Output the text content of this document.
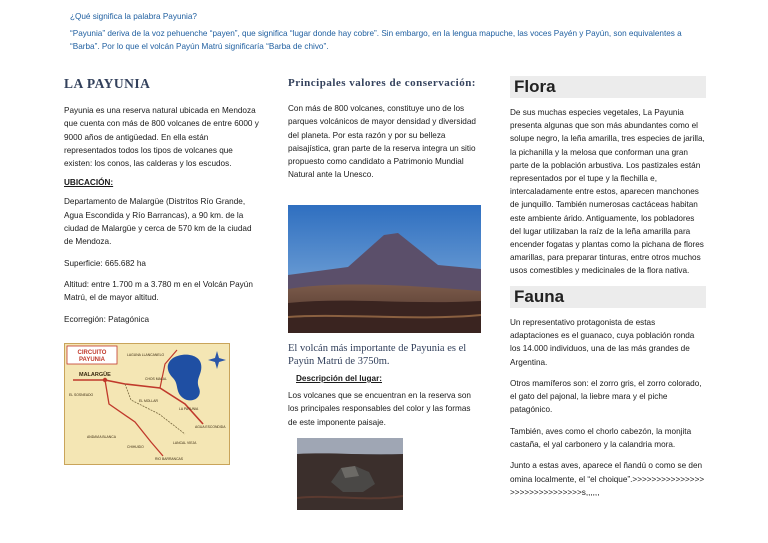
¿Qué significa la palabra Payunia?

“Payunia” deriva de la voz pehuenche “payen”, que significa “lugar donde hay cobre”. Sin embargo, en la lengua mapuche, las voces Payén y Payún, son equivalentes a “Barba”. Por lo que el volcán Payún Matrú significaría “Barba de chivo”.

LA PAYUNIA

Payunia es una reserva natural ubicada en Mendoza que cuenta con más de 800 volcanes de entre 6000 y 9000 años de antigüedad. En ella están representados todos los tipos de volcanes que existen: los conos, las calderas y los escudos.

UBICACIÓN:

Departamento de Malargüe (Distritos Río Grande, Agua Escondida y Río Barrancas), a 90 km. de la ciudad de Malargüe y cerca de 570 km de la ciudad de Mendoza.

Superficie: 665.682 ha

Altitud: entre 1.700 m a 3.780 m en el Volcán Payún Matrú, el de mayor altitud.

Ecorregión: Patagónica

CIRCUITO
PAYUNIA
MALARGÜE
EL SOSNEADO
LAGUNA LLANCANELO
CHOS MALAL
EL MOLLAR
LA PAYUNIA
AGUA ESCONDIDA
ANDAVIA BLANCA
LANCAL VIEJA
CHIHUIDO
RIO BARRANCAS
Principales valores de conservación:

Con más de 800 volcanes, constituye uno de los parques volcánicos de mayor densidad y diversidad del planeta. Por esta razón y por su belleza paisajística, gran parte de la reserva integra un sitio propuesto como candidato a Patrimonio Mundial Natural ante la Unesco.

El volcán más importante de Payunia es el Payún Matrú de 3750m.

Descripción del lugar:

Los volcanes que se encuentran en la reserva son los principales responsables del color y las formas de este imponente paisaje.

Flora

De sus muchas especies vegetales, La Payunia presenta algunas que son más abundantes como el solupe negro, la leña amarilla, tres especies de jarilla, la pichanilla y la melosa que conforman una gran parte de la población arbustiva. Los pastizales están representados por el tupe y la flechilla e, intercaladamente entre estos, aparecen manchones de junquillo. También numerosas cactáceas habitan este ambiente árido. Antiguamente, los pobladores del lugar utilizaban la raíz de la leña amarilla para encender fogatas y plantas como la pichana de flores amarillas, para preparar tinturas, entre otros muchos usos comestibles y medicinales de la flora nativa.

Fauna

Un representativo protagonista de estas adaptaciones es el guanaco, cuya población ronda los 14.000 individuos, una de las más grandes de Argentina.

Otros mamíferos son: el zorro gris, el zorro colorado, el gato del pajonal, la liebre mara y el piche patagónico.

También, aves como el chorlo cabezón, la monjita castaña, el yal carbonero y la calandria mora.

Junto a estas aves, aparece el ñandú o como se denomina localmente, el “el choique”.>>>>>>>>>>>>>>>>>>>>>>>>>>>>>>s,,,,,,
